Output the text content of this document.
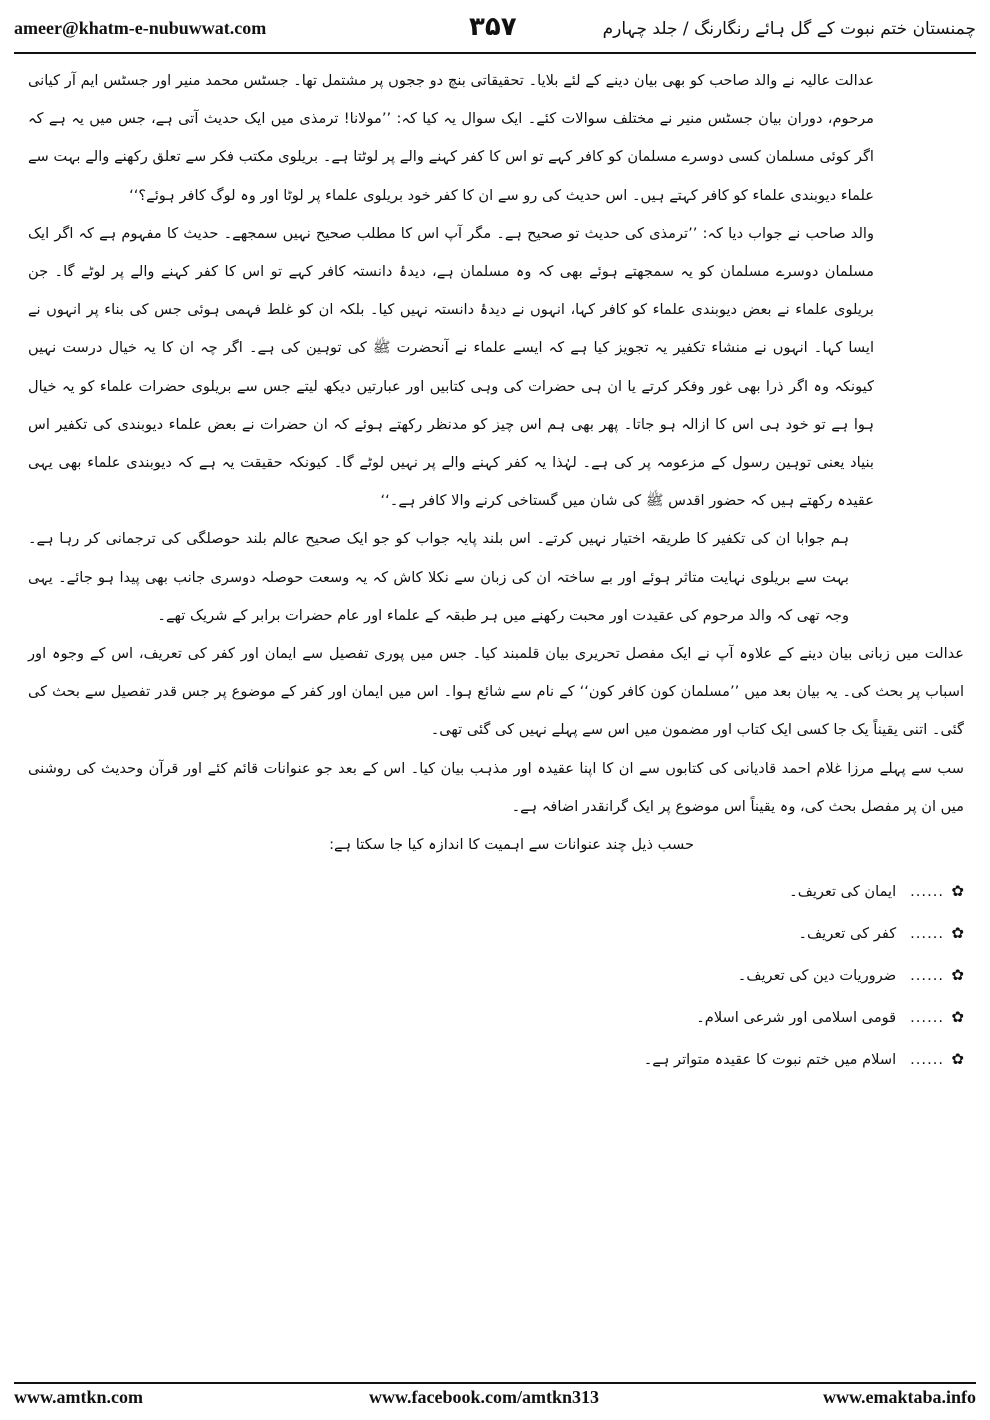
ameer@khatm-e-nubuwwat.com	۳۵۷	چمنستان ختم نبوت کے گل ہائے رنگارنگ / جلد چہارم

عدالت عالیہ نے والد صاحب کو بھی بیان دینے کے لئے بلایا۔ تحقیقاتی بنچ دو ججوں پر مشتمل تھا۔ جسٹس محمد منیر اور جسٹس ایم آر کیانی مرحوم، دوران بیان جسٹس منیر نے مختلف سوالات کئے۔ ایک سوال یہ کیا کہ: ’’مولانا! ترمذی میں ایک حدیث آتی ہے، جس میں یہ ہے کہ اگر کوئی مسلمان کسی دوسرے مسلمان کو کافر کہے تو اس کا کفر کہنے والے پر لوٹتا ہے۔ بریلوی مکتب فکر سے تعلق رکھنے والے بہت سے علماء دیوبندی علماء کو کافر کہتے ہیں۔ اس حدیث کی رو سے ان کا کفر خود بریلوی علماء پر لوٹا اور وہ لوگ کافر ہوئے؟‘‘

والد صاحب نے جواب دیا کہ: ’’ترمذی کی حدیث تو صحیح ہے۔ مگر آپ اس کا مطلب صحیح نہیں سمجھے۔ حدیث کا مفہوم ہے کہ اگر ایک مسلمان دوسرے مسلمان کو یہ سمجھتے ہوئے بھی کہ وہ مسلمان ہے، دیدۂ دانستہ کافر کہے تو اس کا کفر کہنے والے پر لوٹے گا۔ جن بریلوی علماء نے بعض دیوبندی علماء کو کافر کہا، انہوں نے دیدۂ دانستہ نہیں کیا۔ بلکہ ان کو غلط فہمی ہوئی جس کی بناء پر انہوں نے ایسا کہا۔ انہوں نے منشاء تکفیر یہ تجویز کیا ہے کہ ایسے علماء نے آنحضرت ﷺ کی توہین کی ہے۔ اگر چہ ان کا یہ خیال درست نہیں کیونکہ وہ اگر ذرا بھی غور وفکر کرتے یا ان ہی حضرات کی وہی کتابیں اور عبارتیں دیکھ لیتے جس سے بریلوی حضرات علماء کو یہ خیال ہوا ہے تو خود ہی اس کا ازالہ ہو جاتا۔ پھر بھی ہم اس چیز کو مدنظر رکھتے ہوئے کہ ان حضرات نے بعض علماء دیوبندی کی تکفیر اس بنیاد یعنی توہین رسول کے مزعومہ پر کی ہے۔ لہٰذا یہ کفر کہنے والے پر نہیں لوٹے گا۔ کیونکہ حقیقت یہ ہے کہ دیوبندی علماء بھی یہی عقیدہ رکھتے ہیں کہ حضور اقدس ﷺ کی شان میں گستاخی کرنے والا کافر ہے۔‘‘

ہم جوابا ان کی تکفیر کا طریقہ اختیار نہیں کرتے۔ اس بلند پایہ جواب کو جو ایک صحیح عالم بلند حوصلگی کی ترجمانی کر رہا ہے۔ بہت سے بریلوی نہایت متاثر ہوئے اور بے ساختہ ان کی زبان سے نکلا کاش کہ یہ وسعت حوصلہ دوسری جانب بھی پیدا ہو جائے۔ یہی وجہ تھی کہ والد مرحوم کی عقیدت اور محبت رکھنے میں ہر طبقہ کے علماء اور عام حضرات برابر کے شریک تھے۔

عدالت میں زبانی بیان دینے کے علاوہ آپ نے ایک مفصل تحریری بیان قلمبند کیا۔ جس میں پوری تفصیل سے ایمان اور کفر کی تعریف، اس کے وجوہ اور اسباب پر بحث کی۔ یہ بیان بعد میں ’’مسلمان کون کافر کون‘‘ کے نام سے شائع ہوا۔ اس میں ایمان اور کفر کے موضوع پر جس قدر تفصیل سے بحث کی گئی۔ اتنی یقیناً یک جا کسی ایک کتاب اور مضمون میں اس سے پہلے نہیں کی گئی تھی۔

سب سے پہلے مرزا غلام احمد قادیانی کی کتابوں سے ان کا اپنا عقیدہ اور مذہب بیان کیا۔ اس کے بعد جو عنوانات قائم کئے اور قرآن وحدیث کی روشنی میں ان پر مفصل بحث کی، وہ یقیناً اس موضوع پر ایک گرانقدر اضافہ ہے۔

حسب ذیل چند عنوانات سے اہمیت کا اندازہ کیا جا سکتا ہے:

✿......ایمان کی تعریف۔
✿......کفر کی تعریف۔
✿......ضروریات دین کی تعریف۔
✿......قومی اسلامی اور شرعی اسلام۔
✿......اسلام میں ختم نبوت کا عقیدہ متواتر ہے۔
www.amtkn.com	www.facebook.com/amtkn313	www.emaktaba.info
